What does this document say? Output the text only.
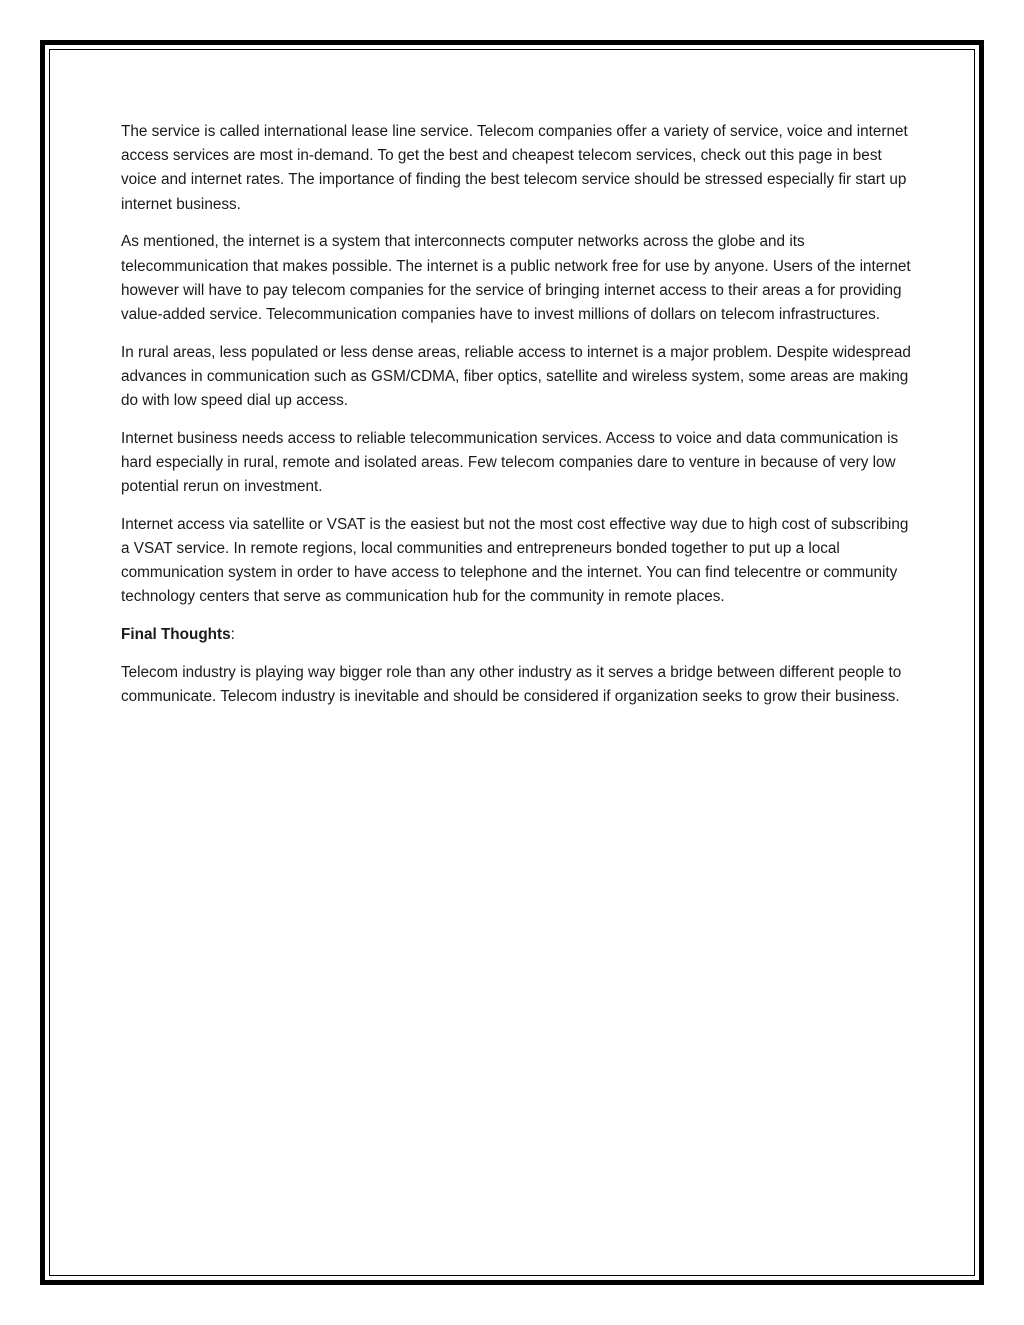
The service is called international lease line service. Telecom companies offer a variety of service, voice and internet access services are most in-demand. To get the best and cheapest telecom services, check out this page in best voice and internet rates. The importance of finding the best telecom service should be stressed especially fir start up internet business.

As mentioned, the internet is a system that interconnects computer networks across the globe and its telecommunication that makes possible. The internet is a public network free for use by anyone. Users of the internet however will have to pay telecom companies for the service of bringing internet access to their areas a for providing value-added service. Telecommunication companies have to invest millions of dollars on telecom infrastructures.

In rural areas, less populated or less dense areas, reliable access to internet is a major problem. Despite widespread advances in communication such as GSM/CDMA, fiber optics, satellite and wireless system, some areas are making do with low speed dial up access.

Internet business needs access to reliable telecommunication services. Access to voice and data communication is hard especially in rural, remote and isolated areas. Few telecom companies dare to venture in because of very low potential rerun on investment.

Internet access via satellite or VSAT is the easiest but not the most cost effective way due to high cost of subscribing a VSAT service. In remote regions, local communities and entrepreneurs bonded together to put up a local communication system in order to have access to telephone and the internet. You can find telecentre or community technology centers that serve as communication hub for the community in remote places.

Final Thoughts:

Telecom industry is playing way bigger role than any other industry as it serves a bridge between different people to communicate. Telecom industry is inevitable and should be considered if organization seeks to grow their business.
